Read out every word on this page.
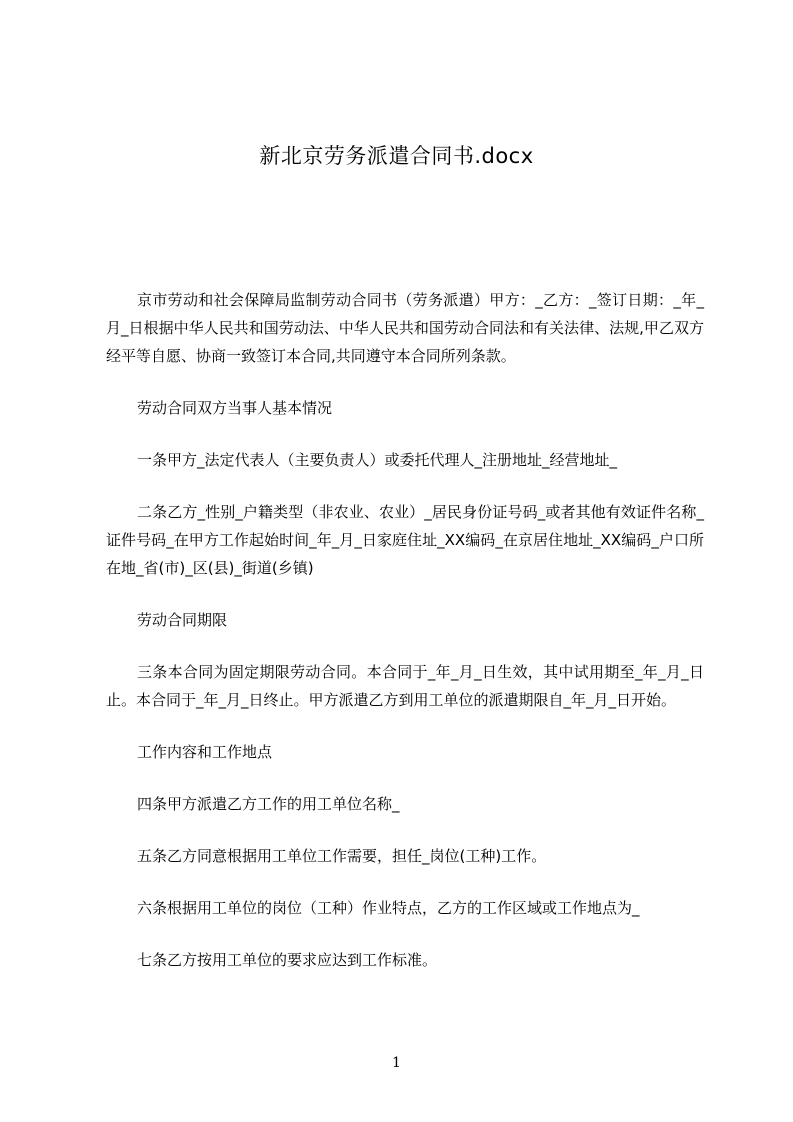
新北京劳务派遣合同书.docx

京市劳动和社会保障局监制劳动合同书（劳务派遣）甲方：_乙方：_签订日期：_年_月_日根据中华人民共和国劳动法、中华人民共和国劳动合同法和有关法律、法规,甲乙双方经平等自愿、协商一致签订本合同,共同遵守本合同所列条款。

劳动合同双方当事人基本情况

一条甲方_法定代表人（主要负责人）或委托代理人_注册地址_经营地址_

二条乙方_性别_户籍类型（非农业、农业）_居民身份证号码_或者其他有效证件名称_证件号码_在甲方工作起始时间_年_月_日家庭住址_XX编码_在京居住地址_XX编码_户口所在地_省(市)_区(县)_街道(乡镇)

劳动合同期限

三条本合同为固定期限劳动合同。本合同于_年_月_日生效，其中试用期至_年_月_日止。本合同于_年_月_日终止。甲方派遣乙方到用工单位的派遣期限自_年_月_日开始。

工作内容和工作地点

四条甲方派遣乙方工作的用工单位名称_

五条乙方同意根据用工单位工作需要，担任_岗位(工种)工作。

六条根据用工单位的岗位（工种）作业特点，乙方的工作区域或工作地点为_

七条乙方按用工单位的要求应达到工作标准。

1
